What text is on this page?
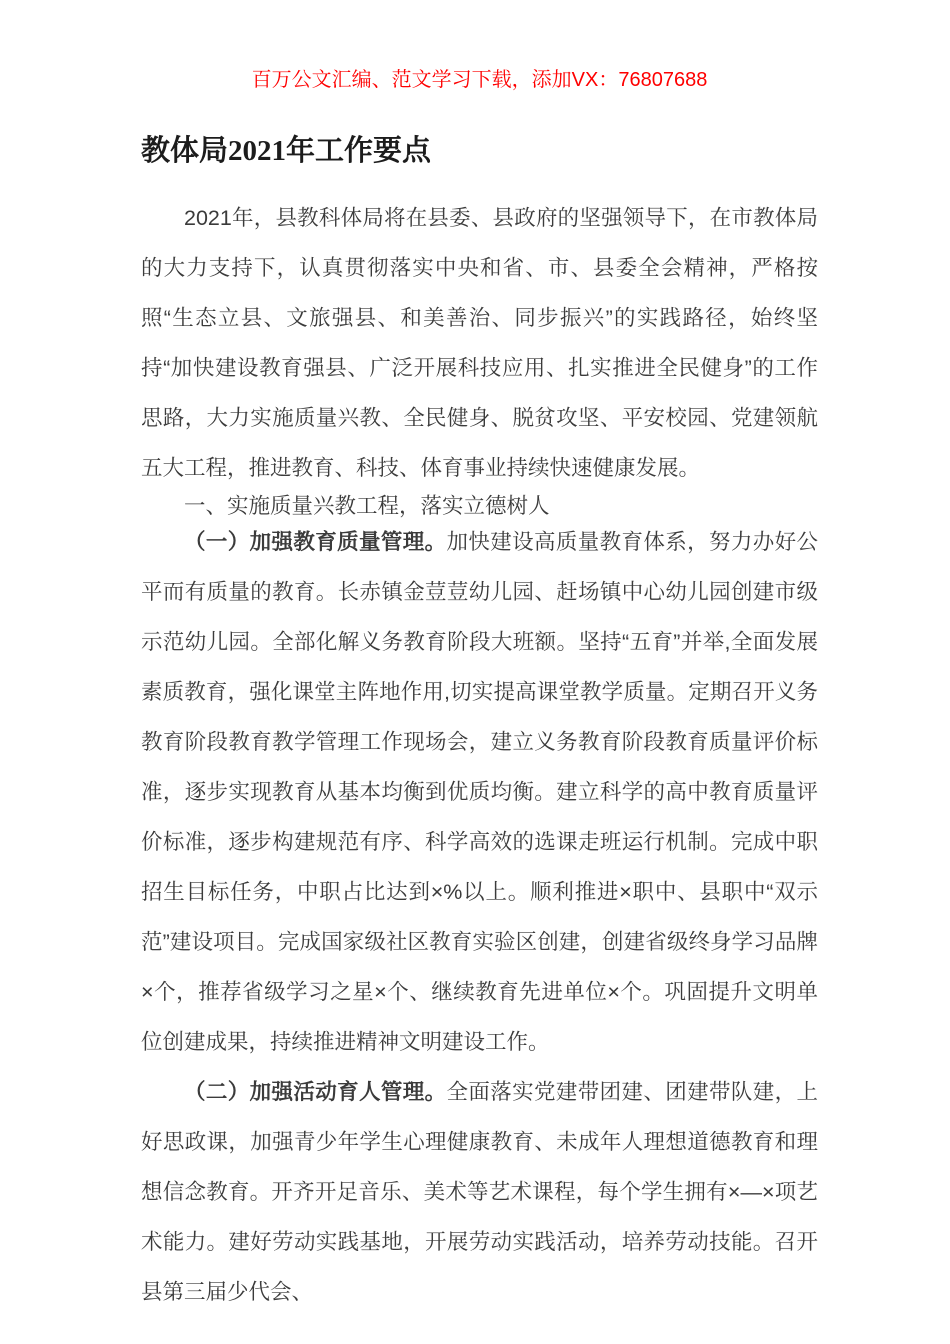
百万公文汇编、范文学习下载，添加VX：76807688
教体局2021年工作要点

2021年，县教科体局将在县委、县政府的坚强领导下，在市教体局的大力支持下，认真贯彻落实中央和省、市、县委全会精神，严格按照“生态立县、文旅强县、和美善治、同步振兴”的实践路径，始终坚持“加快建设教育强县、广泛开展科技应用、扎实推进全民健身”的工作思路，大力实施质量兴教、全民健身、脱贫攻坚、平安校园、党建领航五大工程，推进教育、科技、体育事业持续快速健康发展。

一、实施质量兴教工程，落实立德树人

（一）加强教育质量管理。加快建设高质量教育体系，努力办好公平而有质量的教育。长赤镇金荳荳幼儿园、赶场镇中心幼儿园创建市级示范幼儿园。全部化解义务教育阶段大班额。坚持“五育”并举,全面发展素质教育，强化课堂主阵地作用,切实提高课堂教学质量。定期召开义务教育阶段教育教学管理工作现场会，建立义务教育阶段教育质量评价标准，逐步实现教育从基本均衡到优质均衡。建立科学的高中教育质量评价标准，逐步构建规范有序、科学高效的选课走班运行机制。完成中职招生目标任务，中职占比达到×%以上。顺利推进×职中、县职中“双示范”建设项目。完成国家级社区教育实验区创建，创建省级终身学习品牌×个，推荐省级学习之星×个、继续教育先进单位×个。巩固提升文明单位创建成果，持续推进精神文明建设工作。

（二）加强活动育人管理。全面落实党建带团建、团建带队建，上好思政课，加强青少年学生心理健康教育、未成年人理想道德教育和理想信念教育。开齐开足音乐、美术等艺术课程，每个学生拥有×—×项艺术能力。建好劳动实践基地，开展劳动实践活动，培养劳动技能。召开县第三届少代会、
